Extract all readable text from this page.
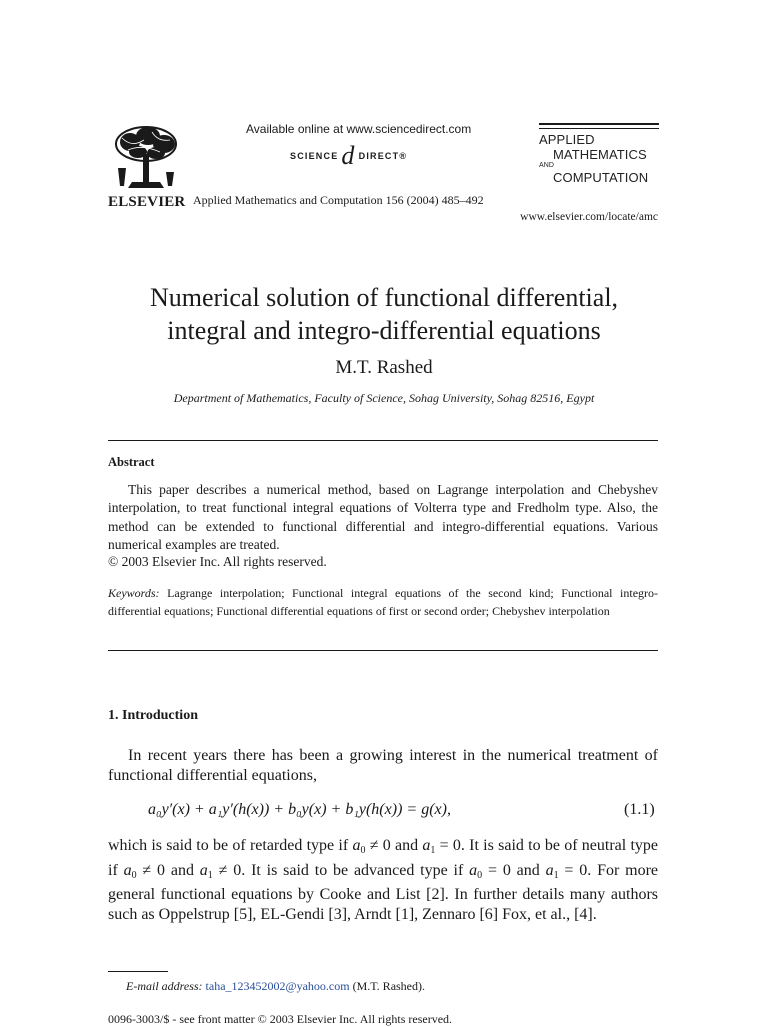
ELSEVIER
Available online at www.sciencedirect.com
SCIENCE d DIRECT®
Applied Mathematics and Computation 156 (2004) 485–492
www.elsevier.com/locate/amc
APPLIED
MATHEMATICS
AND
COMPUTATION
Numerical solution of functional differential,
integral and integro-differential equations
M.T. Rashed
Department of Mathematics, Faculty of Science, Sohag University, Sohag 82516, Egypt
Abstract

This paper describes a numerical method, based on Lagrange interpolation and Chebyshev interpolation, to treat functional integral equations of Volterra type and Fredholm type. Also, the method can be extended to functional differential and integro-differential equations. Various numerical examples are treated.

© 2003 Elsevier Inc. All rights reserved.
Keywords: Lagrange interpolation; Functional integral equations of the second kind; Functional integro-differential equations; Functional differential equations of first or second order; Chebyshev interpolation
1. Introduction

In recent years there has been a growing interest in the numerical treatment of functional differential equations,

a₀y′(x) + a₁y′(h(x)) + b₀y(x) + b₁y(h(x)) = g(x),	(1.1)
which is said to be of retarded type if $a_0 \ne 0$ and $a_1 = 0$. It is said to be of neutral type if $a_0 \ne 0$ and $a_1 \ne 0$. It is said to be advanced type if $a_0 = 0$ and $a_1 = 0$. For more general functional equations by Cooke and List [2]. In further details many authors such as Oppelstrup [5], EL-Gendi [3], Arndt [1], Zennaro [6] Fox, et al., [4].
E-mail address: taha_123452002@yahoo.com (M.T. Rashed).
0096-3003/$ - see front matter © 2003 Elsevier Inc. All rights reserved.
